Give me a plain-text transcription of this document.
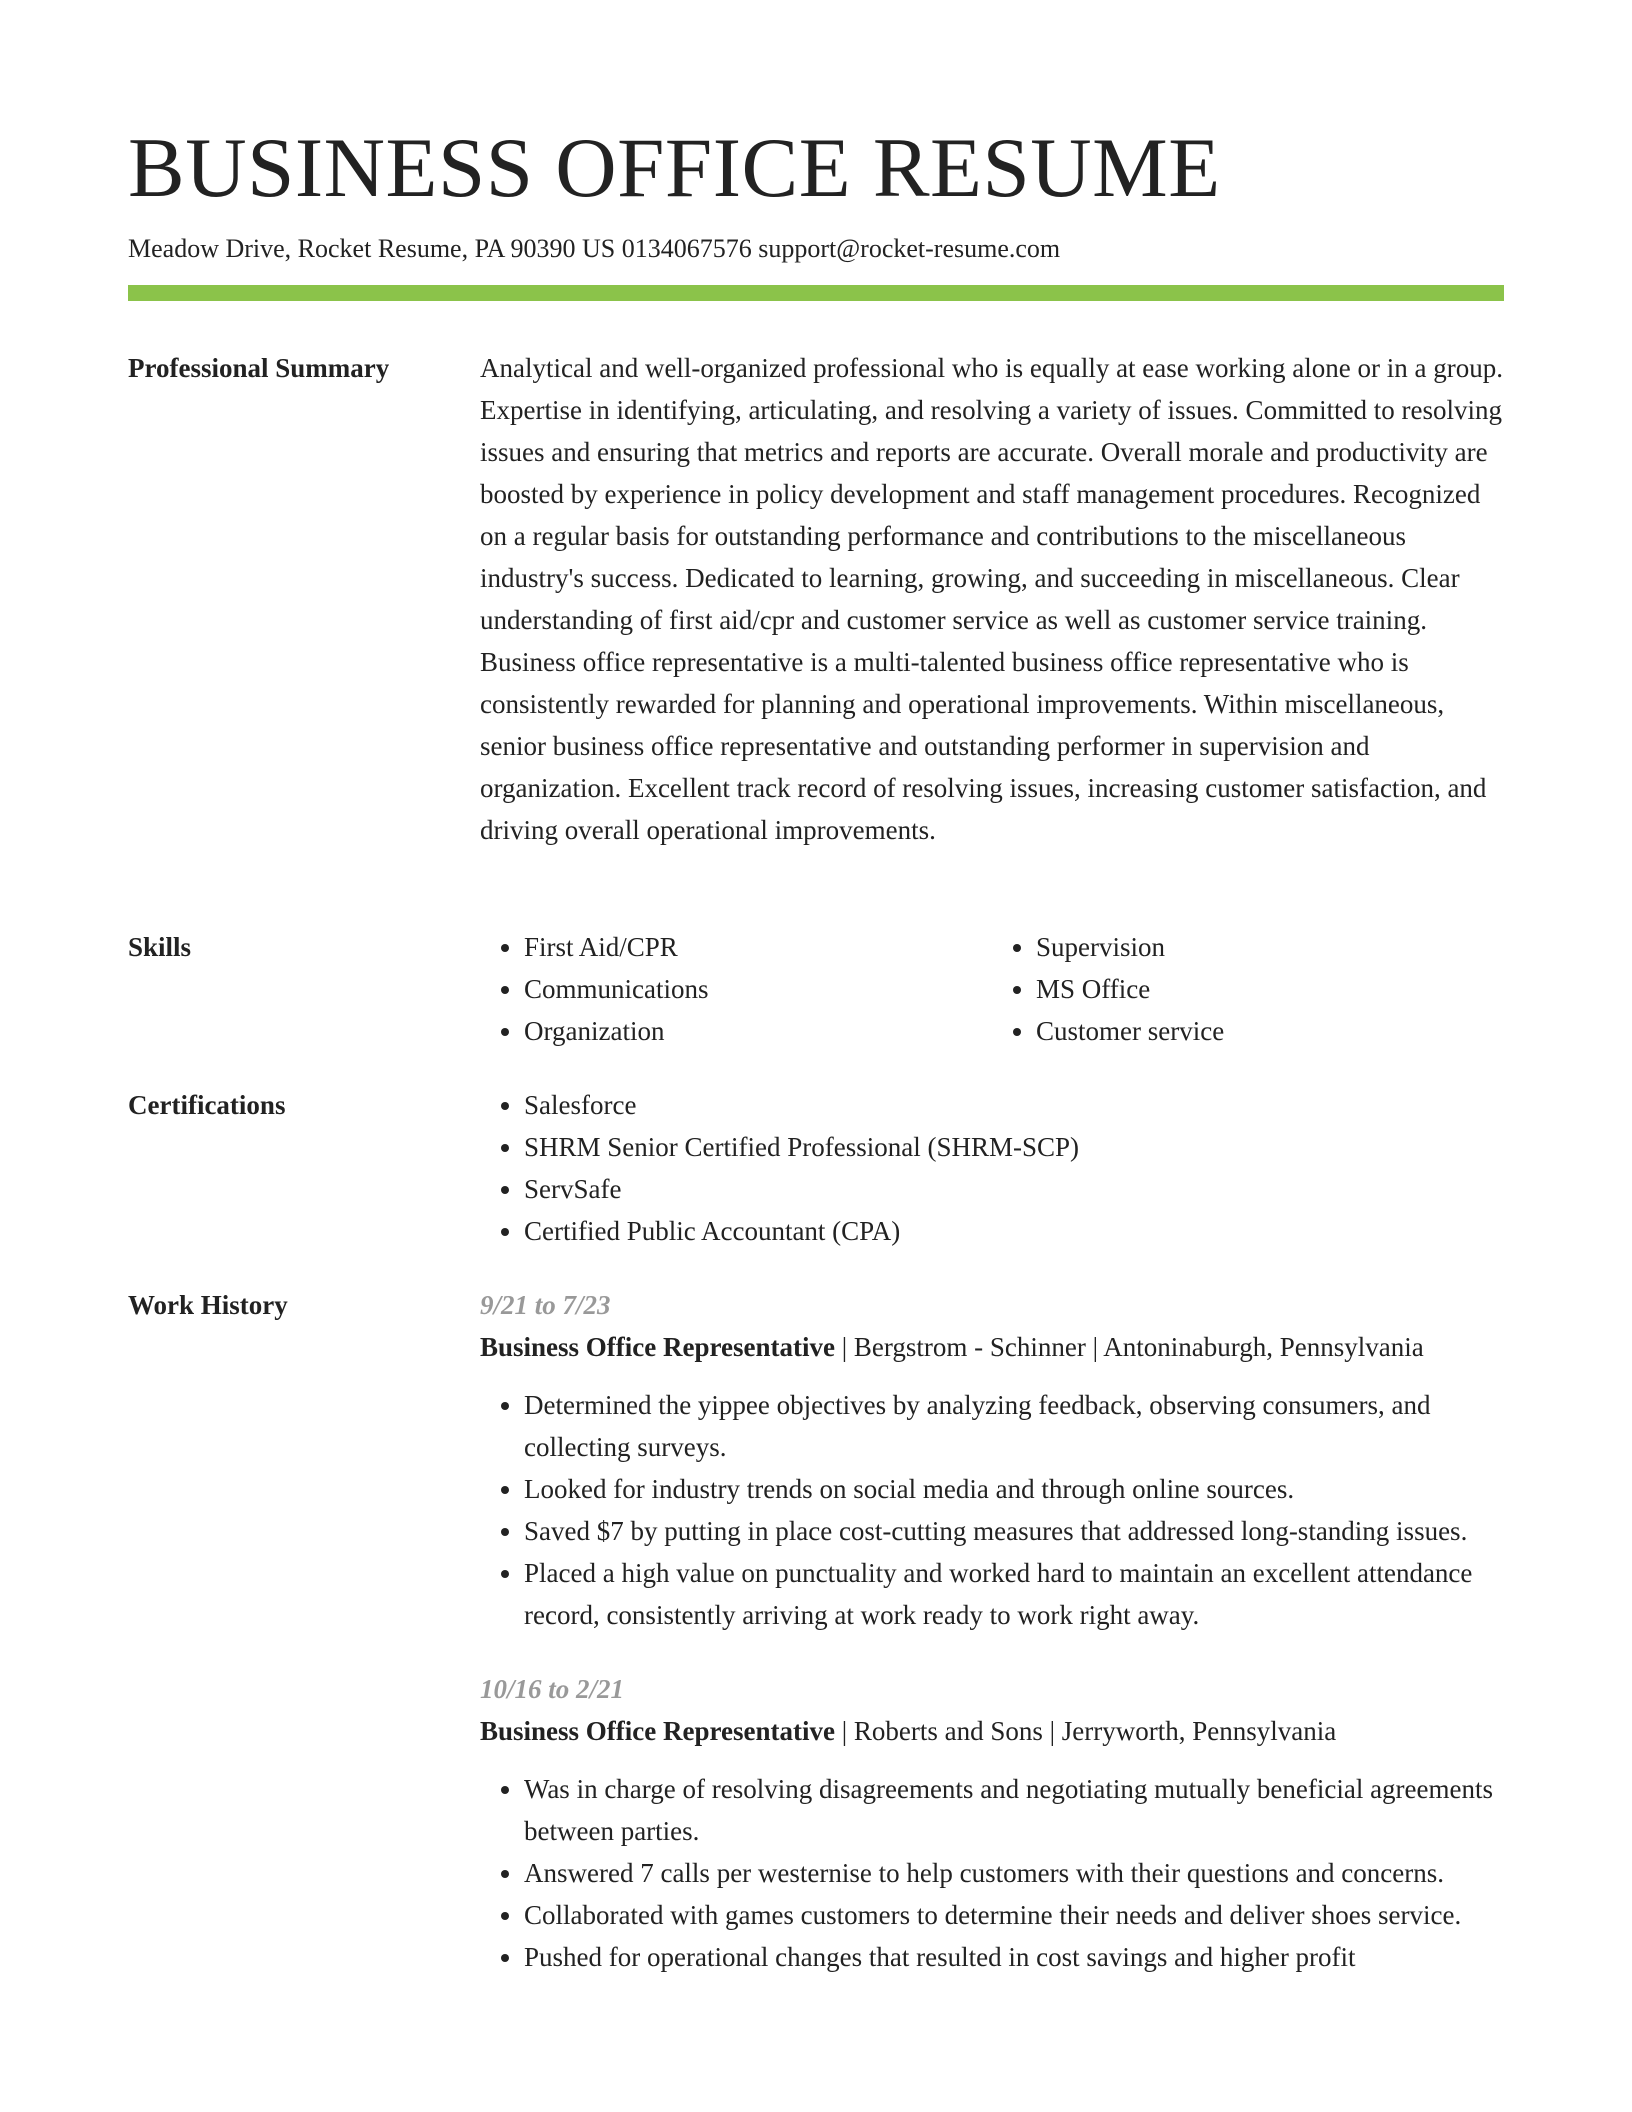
BUSINESS OFFICE RESUME
Meadow Drive, Rocket Resume, PA 90390 US 0134067576 support@rocket-resume.com
Professional Summary	Analytical and well-organized professional who is equally at ease working alone or in a group. Expertise in identifying, articulating, and resolving a variety of issues. Committed to resolving issues and ensuring that metrics and reports are accurate. Overall morale and productivity are boosted by experience in policy development and staff management procedures. Recognized on a regular basis for outstanding performance and contributions to the miscellaneous industry's success. Dedicated to learning, growing, and succeeding in miscellaneous. Clear understanding of first aid/cpr and customer service as well as customer service training. Business office representative is a multi-talented business office representative who is consistently rewarded for planning and operational improvements. Within miscellaneous, senior business office representative and outstanding performer in supervision and organization. Excellent track record of resolving issues, increasing customer satisfaction, and driving overall operational improvements.

Skills	• First Aid/CPR
• Communications
• Organization
• Supervision
• MS Office
• Customer service
Certifications	• Salesforce
• SHRM Senior Certified Professional (SHRM-SCP)
• ServSafe
• Certified Public Accountant (CPA)
Work History	9/21 to 7/23
Business Office Representative | Bergstrom - Schinner | Antoninaburgh, Pennsylvania
• Determined the yippee objectives by analyzing feedback, observing consumers, and collecting surveys.
• Looked for industry trends on social media and through online sources.
• Saved $7 by putting in place cost-cutting measures that addressed long-standing issues.
• Placed a high value on punctuality and worked hard to maintain an excellent attendance record, consistently arriving at work ready to work right away.
10/16 to 2/21
Business Office Representative | Roberts and Sons | Jerryworth, Pennsylvania
• Was in charge of resolving disagreements and negotiating mutually beneficial agreements between parties.
• Answered 7 calls per westernise to help customers with their questions and concerns.
• Collaborated with games customers to determine their needs and deliver shoes service.
• Pushed for operational changes that resulted in cost savings and higher profit
